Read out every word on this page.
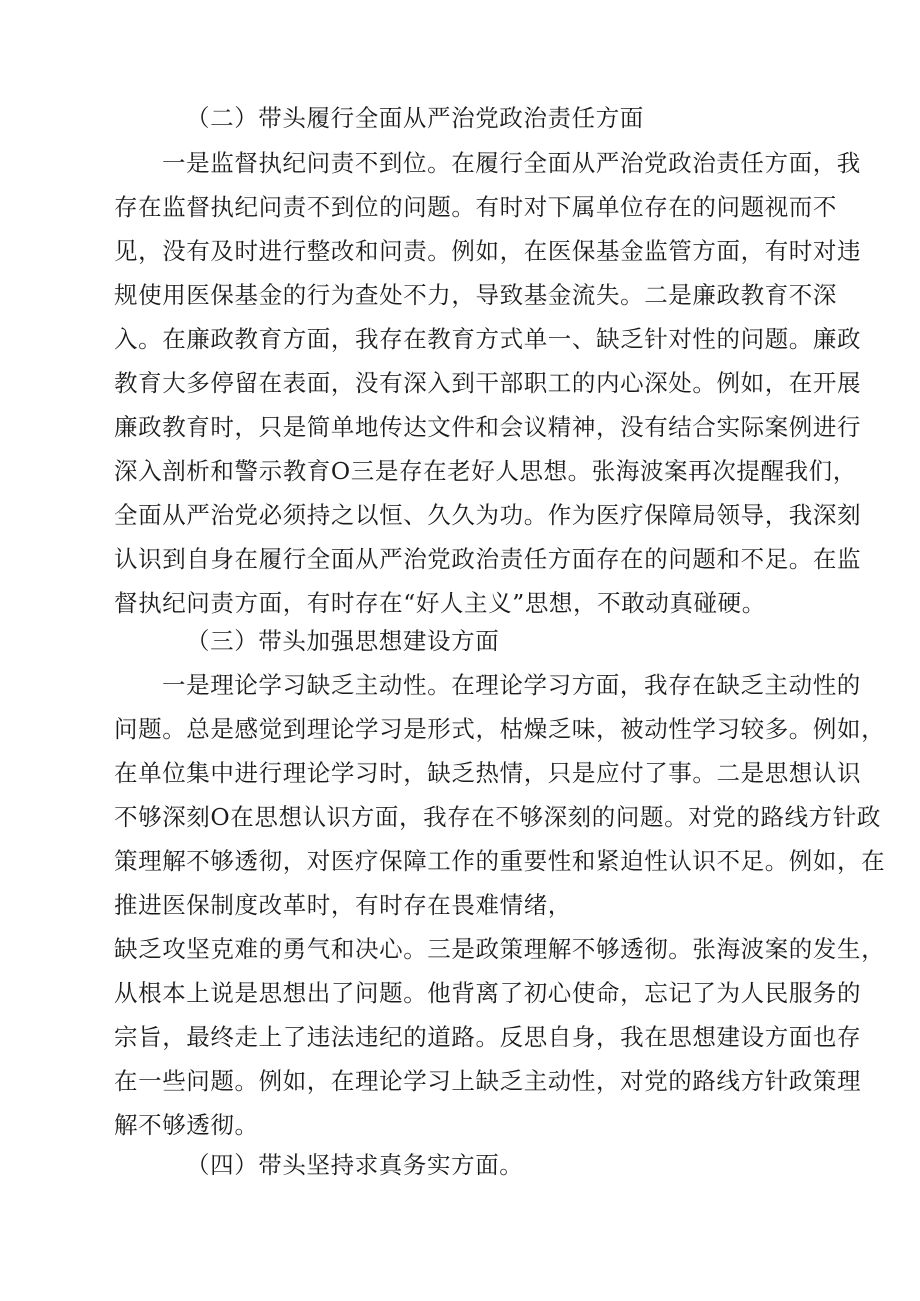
（二）带头履行全面从严治党政治责任方面
一是监督执纪问责不到位。在履行全面从严治党政治责任方面，我
存在监督执纪问责不到位的问题。有时对下属单位存在的问题视而不
见，没有及时进行整改和问责。例如，在医保基金监管方面，有时对违
规使用医保基金的行为查处不力，导致基金流失。二是廉政教育不深
入。在廉政教育方面，我存在教育方式单一、缺乏针对性的问题。廉政
教育大多停留在表面，没有深入到干部职工的内心深处。例如，在开展
廉政教育时，只是简单地传达文件和会议精神，没有结合实际案例进行
深入剖析和警示教育O三是存在老好人思想。张海波案再次提醒我们，
全面从严治党必须持之以恒、久久为功。作为医疗保障局领导，我深刻
认识到自身在履行全面从严治党政治责任方面存在的问题和不足。在监
督执纪问责方面，有时存在“好人主义”思想，不敢动真碰硬。
（三）带头加强思想建设方面
一是理论学习缺乏主动性。在理论学习方面，我存在缺乏主动性的
问题。总是感觉到理论学习是形式，枯燥乏味，被动性学习较多。例如，
在单位集中进行理论学习时，缺乏热情，只是应付了事。二是思想认识
不够深刻O在思想认识方面，我存在不够深刻的问题。对党的路线方针政
策理解不够透彻，对医疗保障工作的重要性和紧迫性认识不足。例如，在
推进医保制度改革时，有时存在畏难情绪，
缺乏攻坚克难的勇气和决心。三是政策理解不够透彻。张海波案的发生，
从根本上说是思想出了问题。他背离了初心使命，忘记了为人民服务的
宗旨，最终走上了违法违纪的道路。反思自身，我在思想建设方面也存
在一些问题。例如，在理论学习上缺乏主动性，对党的路线方针政策理
解不够透彻。
（四）带头坚持求真务实方面。
